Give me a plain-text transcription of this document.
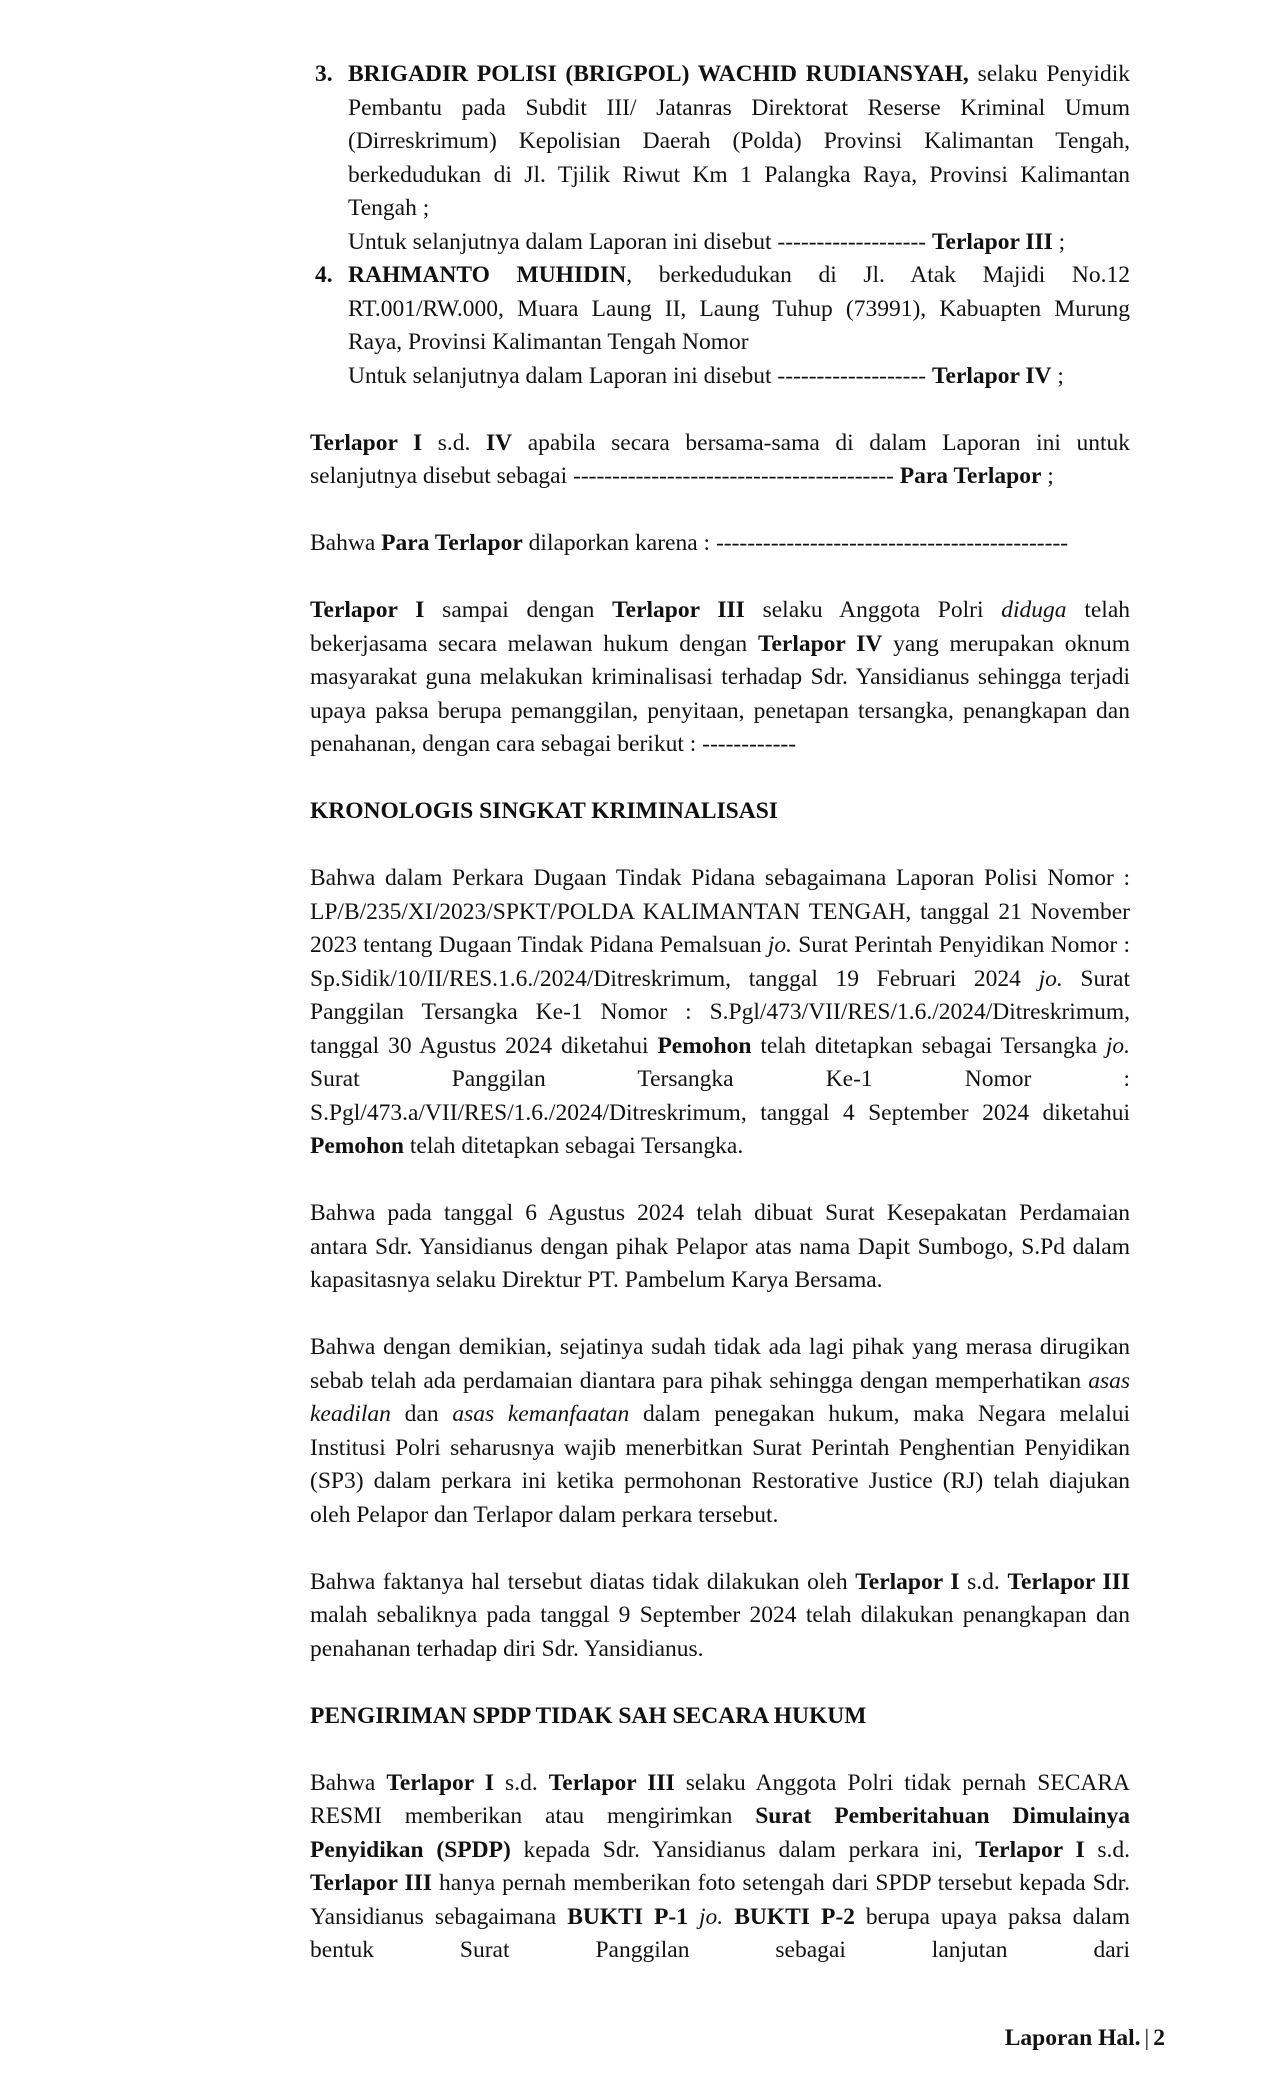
3. BRIGADIR POLISI (BRIGPOL) WACHID RUDIANSYAH, selaku Penyidik Pembantu pada Subdit III/ Jatanras Direktorat Reserse Kriminal Umum (Dirreskrimum) Kepolisian Daerah (Polda) Provinsi Kalimantan Tengah, berkedudukan di Jl. Tjilik Riwut Km 1 Palangka Raya, Provinsi Kalimantan Tengah ;

Untuk selanjutnya dalam Laporan ini disebut ------------------- Terlapor III ;

4. RAHMANTO MUHIDIN, berkedudukan di Jl. Atak Majidi No.12 RT.001/RW.000, Muara Laung II, Laung Tuhup (73991), Kabuapten Murung Raya, Provinsi Kalimantan Tengah Nomor

Untuk selanjutnya dalam Laporan ini disebut ------------------- Terlapor IV ;

Terlapor I s.d. IV apabila secara bersama-sama di dalam Laporan ini untuk selanjutnya disebut sebagai ----------------------------------------- Para Terlapor ;

Bahwa Para Terlapor dilaporkan karena : ---------------------------------------------

Terlapor I sampai dengan Terlapor III selaku Anggota Polri diduga telah bekerjasama secara melawan hukum dengan Terlapor IV yang merupakan oknum masyarakat guna melakukan kriminalisasi terhadap Sdr. Yansidianus sehingga terjadi upaya paksa berupa pemanggilan, penyitaan, penetapan tersangka, penangkapan dan penahanan, dengan cara sebagai berikut : ------------

KRONOLOGIS SINGKAT KRIMINALISASI

Bahwa dalam Perkara Dugaan Tindak Pidana sebagaimana Laporan Polisi Nomor : LP/B/235/XI/2023/SPKT/POLDA KALIMANTAN TENGAH, tanggal 21 November 2023 tentang Dugaan Tindak Pidana Pemalsuan jo. Surat Perintah Penyidikan Nomor : Sp.Sidik/10/II/RES.1.6./2024/Ditreskrimum, tanggal 19 Februari 2024 jo. Surat Panggilan Tersangka Ke-1 Nomor : S.Pgl/473/VII/RES/1.6./2024/Ditreskrimum, tanggal 30 Agustus 2024 diketahui Pemohon telah ditetapkan sebagai Tersangka jo. Surat Panggilan Tersangka Ke-1 Nomor : S.Pgl/473.a/VII/RES/1.6./2024/Ditreskrimum, tanggal 4 September 2024 diketahui Pemohon telah ditetapkan sebagai Tersangka.

Bahwa pada tanggal 6 Agustus 2024 telah dibuat Surat Kesepakatan Perdamaian antara Sdr. Yansidianus dengan pihak Pelapor atas nama Dapit Sumbogo, S.Pd dalam kapasitasnya selaku Direktur PT. Pambelum Karya Bersama.

Bahwa dengan demikian, sejatinya sudah tidak ada lagi pihak yang merasa dirugikan sebab telah ada perdamaian diantara para pihak sehingga dengan memperhatikan asas keadilan dan asas kemanfaatan dalam penegakan hukum, maka Negara melalui Institusi Polri seharusnya wajib menerbitkan Surat Perintah Penghentian Penyidikan (SP3) dalam perkara ini ketika permohonan Restorative Justice (RJ) telah diajukan oleh Pelapor dan Terlapor dalam perkara tersebut.

Bahwa faktanya hal tersebut diatas tidak dilakukan oleh Terlapor I s.d. Terlapor III malah sebaliknya pada tanggal 9 September 2024 telah dilakukan penangkapan dan penahanan terhadap diri Sdr. Yansidianus.

PENGIRIMAN SPDP TIDAK SAH SECARA HUKUM

Bahwa Terlapor I s.d. Terlapor III selaku Anggota Polri tidak pernah SECARA RESMI memberikan atau mengirimkan Surat Pemberitahuan Dimulainya Penyidikan (SPDP) kepada Sdr. Yansidianus dalam perkara ini, Terlapor I s.d. Terlapor III hanya pernah memberikan foto setengah dari SPDP tersebut kepada Sdr. Yansidianus sebagaimana BUKTI P-1 jo. BUKTI P-2 berupa upaya paksa dalam bentuk Surat Panggilan sebagai lanjutan dari

Laporan Hal. | 2
